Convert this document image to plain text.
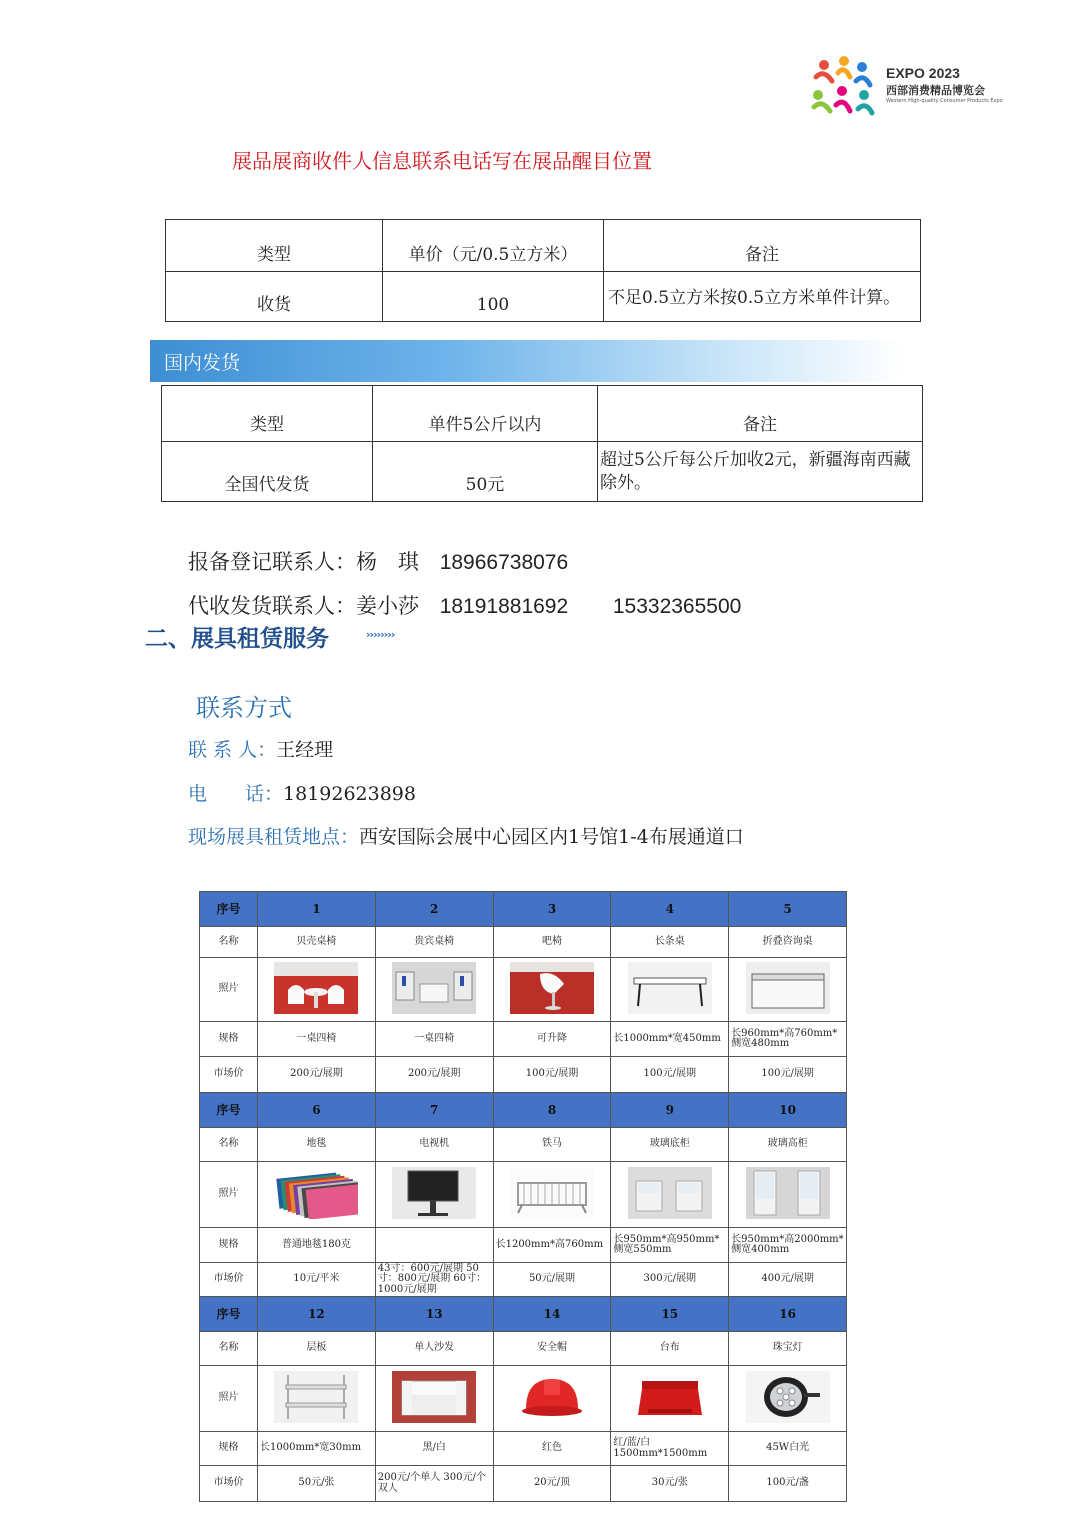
EXPO 2023
西部消费精品博览会
Western High-quality Consumer Products Expo
展品展商收件人信息联系电话写在展品醒目位置
类型	单价（元/0.5立方米）	备注
收货	100	不足0.5立方米按0.5立方米单件计算。
国内发货
类型	单件5公斤以内	备注
全国代发货	50元	超过5公斤每公斤加收2元，新疆海南西藏除外。
报备登记联系人：杨　琪 18966738076
代收发货联系人：姜小莎 18191881692 15332365500
二、展具租赁服务	››››››››
联系方式
联 系 人：王经理
电　　话：18192623898
现场展具租赁地点：西安国际会展中心园区内1号馆1-4布展通道口
序号	1	2	3	4	5
名称	贝壳桌椅	贵宾桌椅	吧椅	长条桌	折叠咨询桌
照片					
规格	一桌四椅	一桌四椅	可升降	长1000mm*宽450mm	长960mm*高760mm*侧宽480mm
市场价	200元/展期	200元/展期	100元/展期	100元/展期	100元/展期
序号	6	7	8	9	10
名称	地毯	电视机	铁马	玻璃底柜	玻璃高柜
照片					
规格	普通地毯180克		长1200mm*高760mm	长950mm*高950mm*侧宽550mm	长950mm*高2000mm*侧宽400mm
市场价	10元/平米	43寸：600元/展期 50寸：800元/展期 60寸：1000元/展期	50元/展期	300元/展期	400元/展期
序号	12	13	14	15	16
名称	层板	单人沙发	安全帽	台布	珠宝灯
照片					
规格	长1000mm*宽30mm	黑/白	红色	红/蓝/白 1500mm*1500mm	45W白光
市场价	50元/张	200元/个单人 300元/个双人	20元/顶	30元/张	100元/盏
